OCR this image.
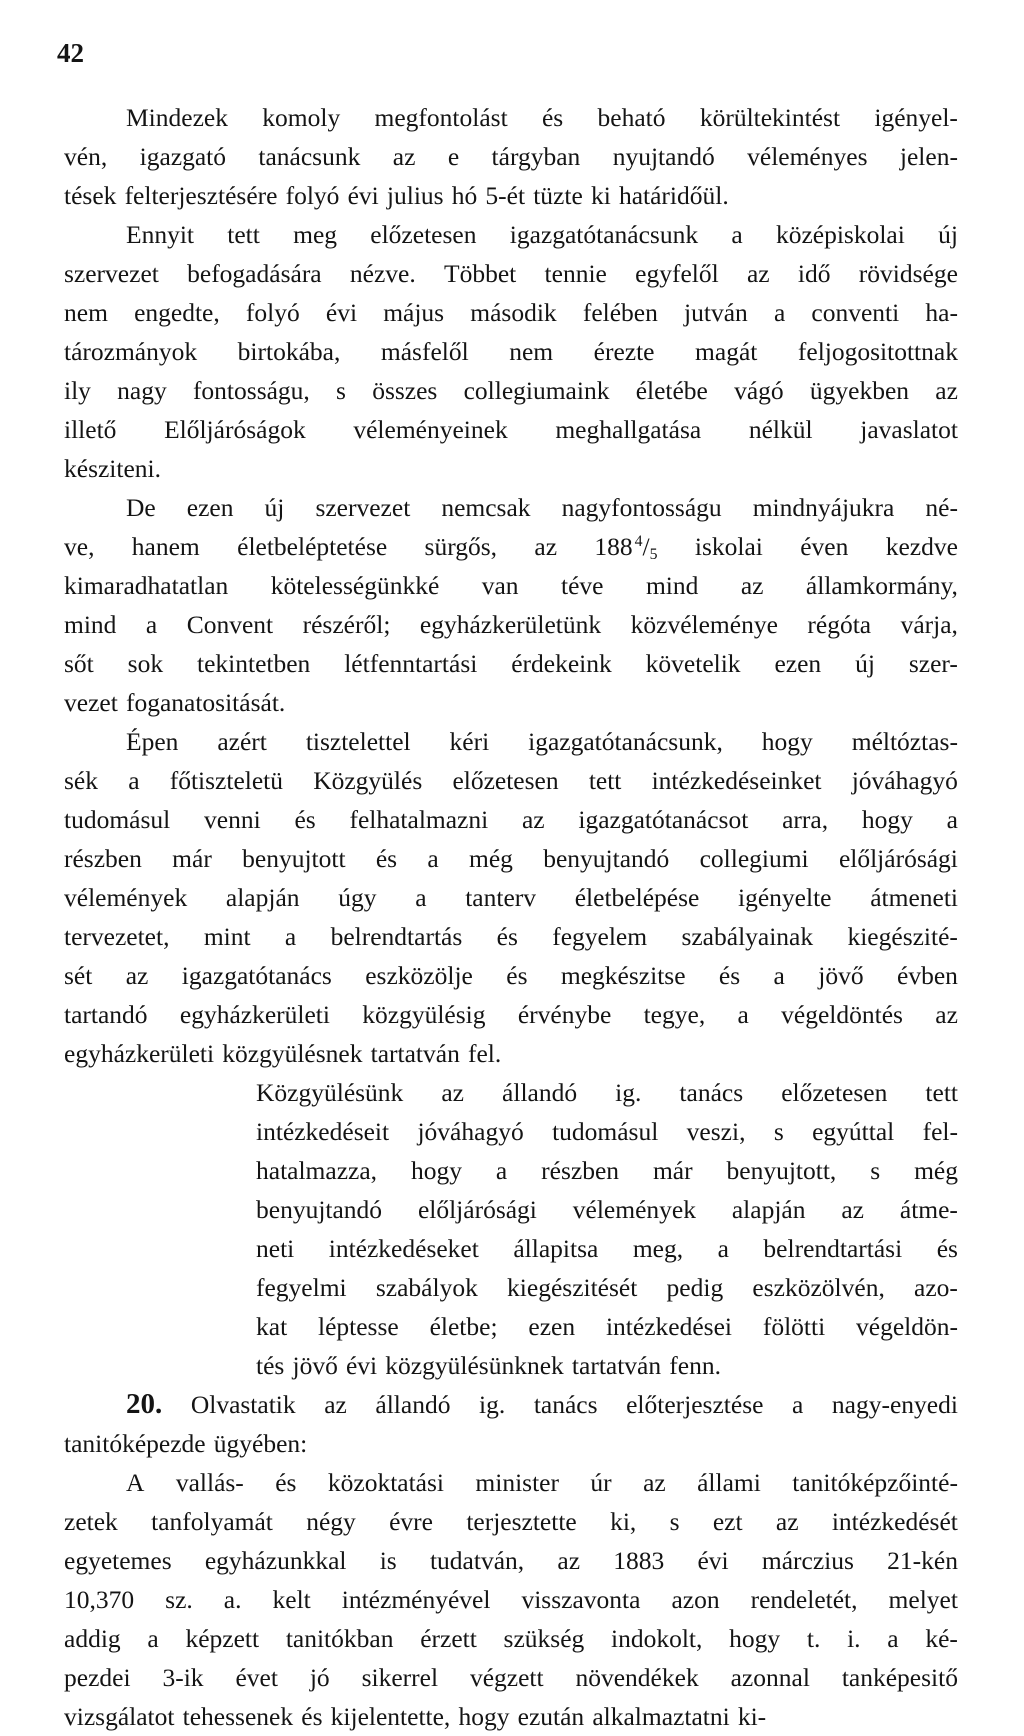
42
Mindezek komoly megfontolást és beható körültekintést igényel-
vén, igazgató tanácsunk az e tárgyban nyujtandó véleményes jelen-
tések felterjesztésére folyó évi julius hó 5-ét tüzte ki határidőül.
Ennyit tett meg előzetesen igazgatótanácsunk a középiskolai új
szervezet befogadására nézve. Többet tennie egyfelől az idő rövidsége
nem engedte, folyó évi május második felében jutván a conventi ha-
tározmányok birtokába, másfelől nem érezte magát feljogositottnak
ily nagy fontosságu, s összes collegiumaink életébe vágó ügyekben az
illető Előljáróságok véleményeinek meghallgatása nélkül javaslatot
késziteni.
De ezen új szervezet nemcsak nagyfontosságu mindnyájukra né-
ve, hanem életbeléptetése sürgős, az 188 $^4$/5 iskolai éven kezdve
kimaradhatatlan kötelességünkké van téve mind az államkormány,
mind a Convent részéről; egyházkerületünk közvéleménye régóta várja,
sőt sok tekintetben létfenntartási érdekeink követelik ezen új szer-
vezet foganatositását.
Épen azért tisztelettel kéri igazgatótanácsunk, hogy méltóztas-
sék a főtiszteletü Közgyülés előzetesen tett intézkedéseinket jóváhagyó
tudomásul venni és felhatalmazni az igazgatótanácsot arra, hogy a
részben már benyujtott és a még benyujtandó collegiumi előljárósági
vélemények alapján úgy a tanterv életbelépése igényelte átmeneti
tervezetet, mint a belrendtartás és fegyelem szabályainak kiegészité-
sét az igazgatótanács eszközölje és megkészitse és a jövő évben
tartandó egyházkerületi közgyülésig érvénybe tegye, a végeldöntés az
egyházkerületi közgyülésnek tartatván fel.
Közgyülésünk az állandó ig. tanács előzetesen tett
intézkedéseit jóváhagyó tudomásul veszi, s egyúttal fel-
hatalmazza, hogy a részben már benyujtott, s még
benyujtandó előljárósági vélemények alapján az átme-
neti intézkedéseket állapitsa meg, a belrendtartási és
fegyelmi szabályok kiegészitését pedig eszközölvén, azo-
kat léptesse életbe; ezen intézkedései fölötti végeldön-
tés jövő évi közgyülésünknek tartatván fenn.
20. Olvastatik az állandó ig. tanács előterjesztése a nagy-enyedi
tanitóképezde ügyében:
A vallás- és közoktatási minister úr az állami tanitóképzőinté-
zetek tanfolyamát négy évre terjesztette ki, s ezt az intézkedését
egyetemes egyházunkkal is tudatván, az 1883 évi márczius 21-kén
10,370 sz. a. kelt intézményével visszavonta azon rendeletét, melyet
addig a képzett tanitókban érzett szükség indokolt, hogy t. i. a ké-
pezdei 3-ik évet jó sikerrel végzett növendékek azonnal tanképesitő
vizsgálatot tehessenek és kijelentette, hogy ezután alkalmaztatni ki-
